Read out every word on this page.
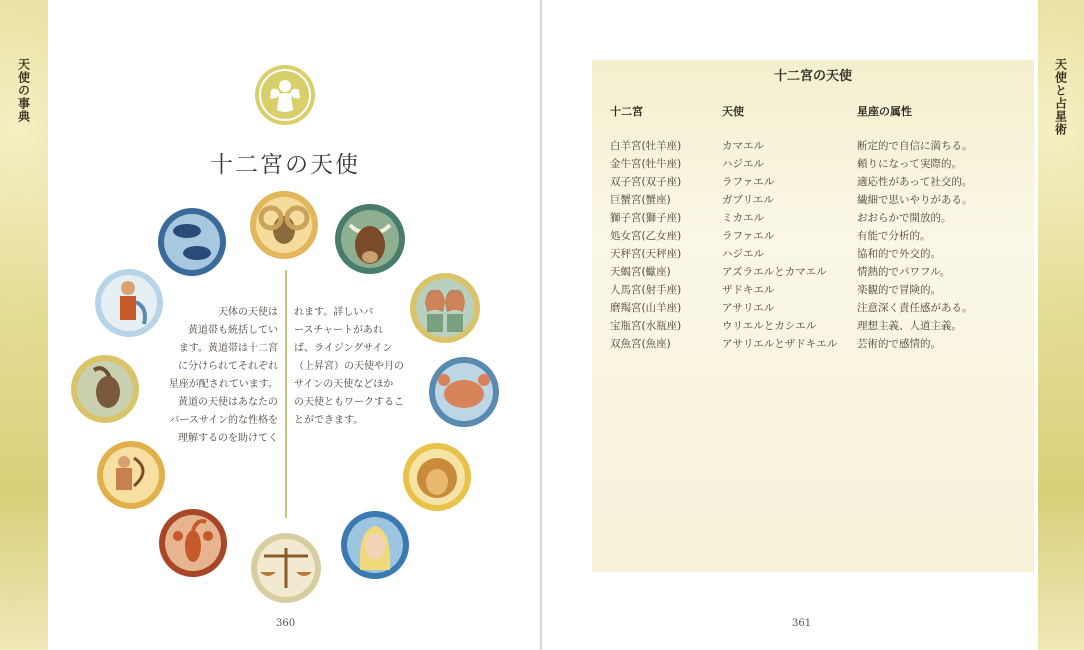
天使の事典	天使と占星術
十二宮の天使
天体の天使は
黄道帯も統括してい
ます。黄道帯は十二宮
に分けられてそれぞれ
星座が配されています。
黄道の天使はあなたの
バースサイン的な性格を
理解するのを助けてく
れます。詳しいバ
ースチャートがあれ
ば、ライジングサイン
（上昇宮）の天使や月の
サインの天使などほか
の天使ともワークするこ
とができます。
360
十二宮の天使
十二宮	天使	星座の属性
白羊宮(牡羊座)	カマエル	断定的で自信に満ちる。
金牛宮(牡牛座)	ハジエル	頼りになって実際的。
双子宮(双子座)	ラファエル	適応性があって社交的。
巨蟹宮(蟹座)	ガブリエル	繊細で思いやりがある。
獅子宮(獅子座)	ミカエル	おおらかで開放的。
処女宮(乙女座)	ラファエル	有能で分析的。
天秤宮(天秤座)	ハジエル	協和的で外交的。
天蝎宮(蠍座)	アズラエルとカマエル	情熱的でパワフル。
人馬宮(射手座)	ザドキエル	楽観的で冒険的。
磨羯宮(山羊座)	アサリエル	注意深く責任感がある。
宝瓶宮(水瓶座)	ウリエルとカシエル	理想主義、人道主義。
双魚宮(魚座)	アサリエルとザドキエル 芸術的で感情的。
361
